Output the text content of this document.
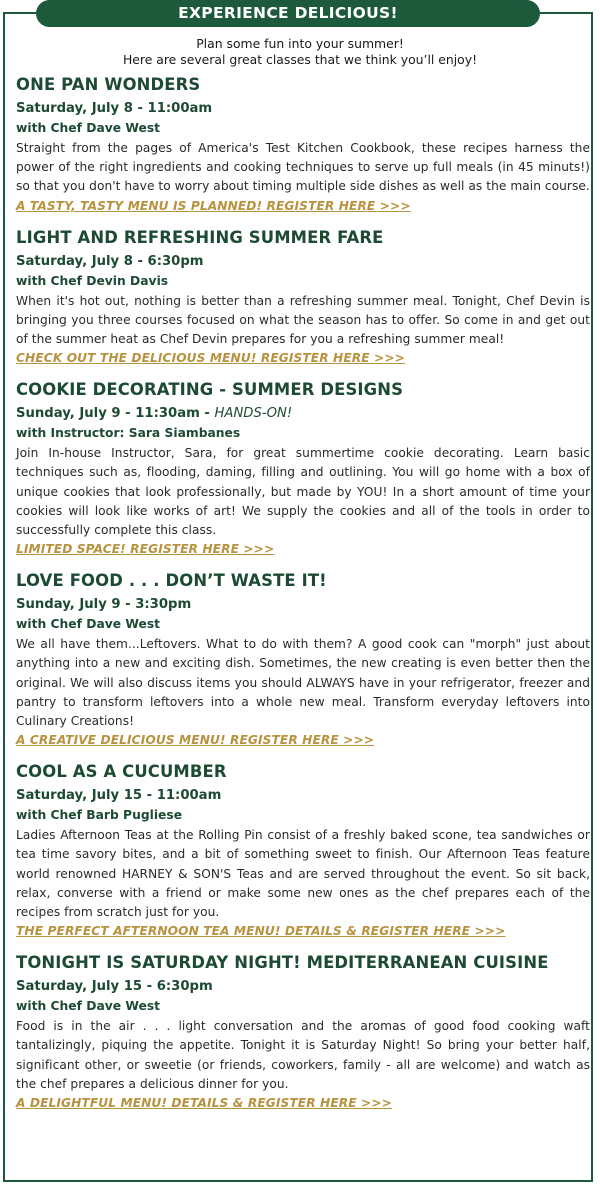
EXPERIENCE DELICIOUS!
Plan some fun into your summer!
Here are several great classes that we think you’ll enjoy!
ONE PAN WONDERS
Saturday, July 8 - 11:00am
with Chef Dave West

Straight from the pages of America's Test Kitchen Cookbook, these recipes harness the power of the right ingredients and cooking techniques to serve up full meals (in 45 minuts!) so that you don't have to worry about timing multiple side dishes as well as the main course.

A TASTY, TASTY MENU IS PLANNED! REGISTER HERE >>>
LIGHT AND REFRESHING SUMMER FARE
Saturday, July 8 - 6:30pm
with Chef Devin Davis

When it's hot out, nothing is better than a refreshing summer meal. Tonight, Chef Devin is bringing you three courses focused on what the season has to offer. So come in and get out of the summer heat as Chef Devin prepares for you a refreshing summer meal!

CHECK OUT THE DELICIOUS MENU! REGISTER HERE >>>
COOKIE DECORATING - SUMMER DESIGNS
Sunday, July 9 - 11:30am - HANDS-ON!
with Instructor: Sara Siambanes

Join In-house Instructor, Sara, for great summertime cookie decorating. Learn basic techniques such as, flooding, daming, filling and outlining. You will go home with a box of unique cookies that look professionally, but made by YOU! In a short amount of time your cookies will look like works of art! We supply the cookies and all of the tools in order to successfully complete this class.

LIMITED SPACE! REGISTER HERE >>>
LOVE FOOD . . . DON’T WASTE IT!
Sunday, July 9 - 3:30pm
with Chef Dave West

We all have them...Leftovers. What to do with them? A good cook can "morph" just about anything into a new and exciting dish. Sometimes, the new creating is even better then the original. We will also discuss items you should ALWAYS have in your refrigerator, freezer and pantry to transform leftovers into a whole new meal. Transform everyday leftovers into Culinary Creations!

A CREATIVE DELICIOUS MENU! REGISTER HERE >>>
COOL AS A CUCUMBER
Saturday, July 15 - 11:00am
with Chef Barb Pugliese

Ladies Afternoon Teas at the Rolling Pin consist of a freshly baked scone, tea sandwiches or tea time savory bites, and a bit of something sweet to finish. Our Afternoon Teas feature world renowned HARNEY & SON'S Teas and are served throughout the event. So sit back, relax, converse with a friend or make some new ones as the chef prepares each of the recipes from scratch just for you.

THE PERFECT AFTERNOON TEA MENU! DETAILS & REGISTER HERE >>>
TONIGHT IS SATURDAY NIGHT! MEDITERRANEAN CUISINE
Saturday, July 15 - 6:30pm
with Chef Dave West

Food is in the air . . . light conversation and the aromas of good food cooking waft tantalizingly, piquing the appetite. Tonight it is Saturday Night! So bring your better half, significant other, or sweetie (or friends, coworkers, family - all are welcome) and watch as the chef prepares a delicious dinner for you.

A DELIGHTFUL MENU! DETAILS & REGISTER HERE >>>
